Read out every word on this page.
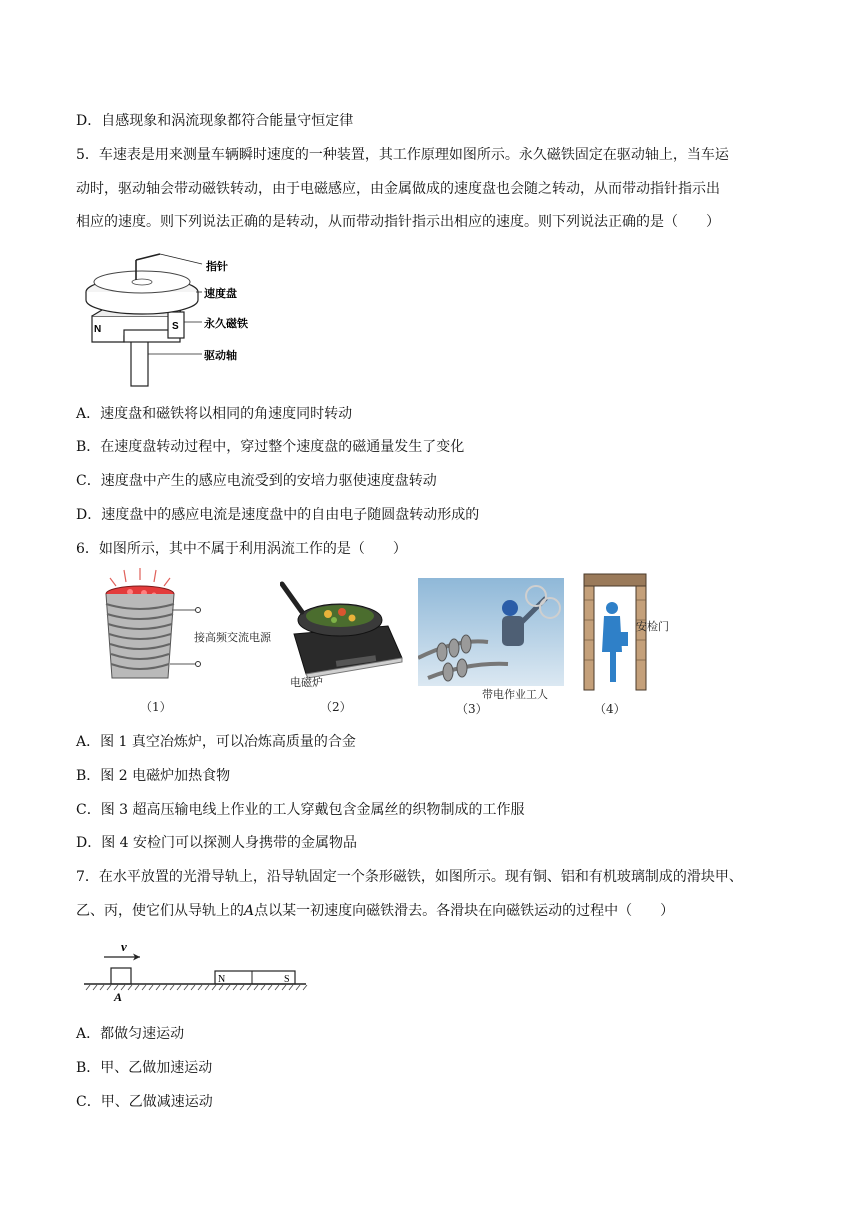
D．自感现象和涡流现象都符合能量守恒定律
5．车速表是用来测量车辆瞬时速度的一种装置，其工作原理如图所示。永久磁铁固定在驱动轴上，当车运
动时，驱动轴会带动磁铁转动，由于电磁感应，由金属做成的速度盘也会随之转动，从而带动指针指示出
相应的速度。则下列说法正确的是转动，从而带动指针指示出相应的速度。则下列说法正确的是（　　）
N	S
指针
速度盘
永久磁铁
驱动轴
A．速度盘和磁铁将以相同的角速度同时转动
B．在速度盘转动过程中，穿过整个速度盘的磁通量发生了变化
C．速度盘中产生的感应电流受到的安培力驱使速度盘转动
D．速度盘中的感应电流是速度盘中的自由电子随圆盘转动形成的
6．如图所示，其中不属于利用涡流工作的是（　　）
接高频交流电源
（1）
电磁炉
（2）
带电作业工人
（3）
安检门
（4）
A．图 1 真空冶炼炉，可以冶炼高质量的合金
B．图 2 电磁炉加热食物
C．图 3 超高压输电线上作业的工人穿戴包含金属丝的织物制成的工作服
D．图 4 安检门可以探测人身携带的金属物品
7．在水平放置的光滑导轨上，沿导轨固定一个条形磁铁，如图所示。现有铜、铝和有机玻璃制成的滑块甲、
乙、丙，使它们从导轨上的A点以某一初速度向磁铁滑去。各滑块在向磁铁运动的过程中（　　）
v
N	S
A
A．都做匀速运动
B．甲、乙做加速运动
C．甲、乙做减速运动
